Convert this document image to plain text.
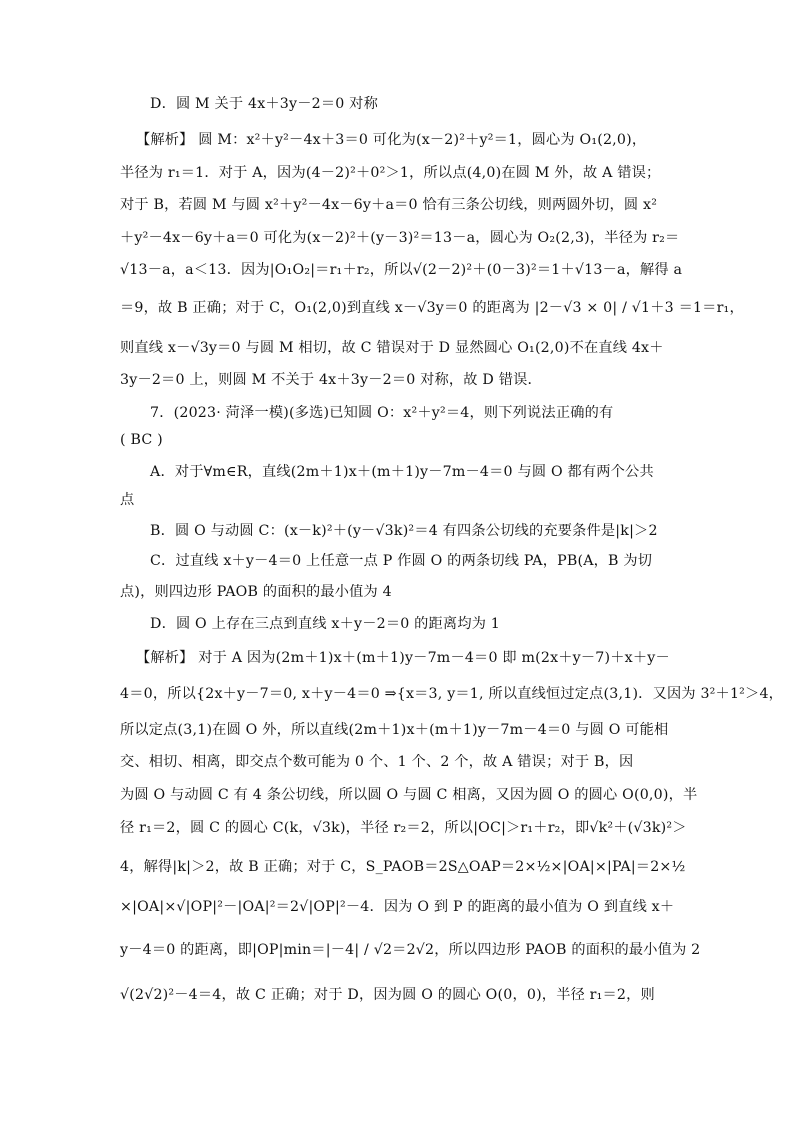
D．圆 M 关于 4x＋3y－2＝0 对称
【解析】 圆 M：x²＋y²－4x＋3＝0 可化为(x－2)²＋y²＝1，圆心为 O₁(2,0)，
半径为 r₁＝1．对于 A，因为(4－2)²＋0²＞1，所以点(4,0)在圆 M 外，故 A 错误；
对于 B，若圆 M 与圆 x²＋y²－4x－6y＋a＝0 恰有三条公切线，则两圆外切，圆 x²
＋y²－4x－6y＋a＝0 可化为(x－2)²＋(y－3)²＝13－a，圆心为 O₂(2,3)，半径为 r₂＝
√13－a，a＜13．因为|O₁O₂|＝r₁＋r₂，所以√(2－2)²＋(0－3)²＝1＋√13－a，解得 a
＝9，故 B 正确；对于 C，O₁(2,0)到直线 x－√3y＝0 的距离为 |2－√3 × 0| / √1＋3 ＝1＝r₁，
则直线 x－√3y＝0 与圆 M 相切，故 C 错误对于 D 显然圆心 O₁(2,0)不在直线 4x＋
3y－2＝0 上，则圆 M 不关于 4x＋3y－2＝0 对称，故 D 错误．
7．(2023· 菏泽一模)(多选)已知圆 O：x²＋y²＝4，则下列说法正确的有
( BC )
A．对于∀m∈R，直线(2m＋1)x＋(m＋1)y－7m－4＝0 与圆 O 都有两个公共
点
B．圆 O 与动圆 C：(x－k)²＋(y－√3k)²＝4 有四条公切线的充要条件是|k|＞2
C．过直线 x＋y－4＝0 上任意一点 P 作圆 O 的两条切线 PA，PB(A，B 为切
点)，则四边形 PAOB 的面积的最小值为 4
D．圆 O 上存在三点到直线 x＋y－2＝0 的距离均为 1
【解析】 对于 A 因为(2m＋1)x＋(m＋1)y－7m－4＝0 即 m(2x＋y－7)＋x＋y－
4＝0，所以{2x＋y－7＝0, x＋y－4＝0 ⇒{x＝3, y＝1, 所以直线恒过定点(3,1)．又因为 3²＋1²＞4，
所以定点(3,1)在圆 O 外，所以直线(2m＋1)x＋(m＋1)y－7m－4＝0 与圆 O 可能相
交、相切、相离，即交点个数可能为 0 个、1 个、2 个，故 A 错误；对于 B，因
为圆 O 与动圆 C 有 4 条公切线，所以圆 O 与圆 C 相离，又因为圆 O 的圆心 O(0,0)，半
径 r₁＝2，圆 C 的圆心 C(k，√3k)，半径 r₂＝2，所以|OC|＞r₁＋r₂，即√k²＋(√3k)²＞
4，解得|k|＞2，故 B 正确；对于 C，S_PAOB＝2S△OAP＝2×½×|OA|×|PA|＝2×½
×|OA|×√|OP|²－|OA|²＝2√|OP|²－4．因为 O 到 P 的距离的最小值为 O 到直线 x＋
y－4＝0 的距离，即|OP|min＝|－4| / √2＝2√2，所以四边形 PAOB 的面积的最小值为 2
√(2√2)²－4＝4，故 C 正确；对于 D，因为圆 O 的圆心 O(0，0)，半径 r₁＝2，则
